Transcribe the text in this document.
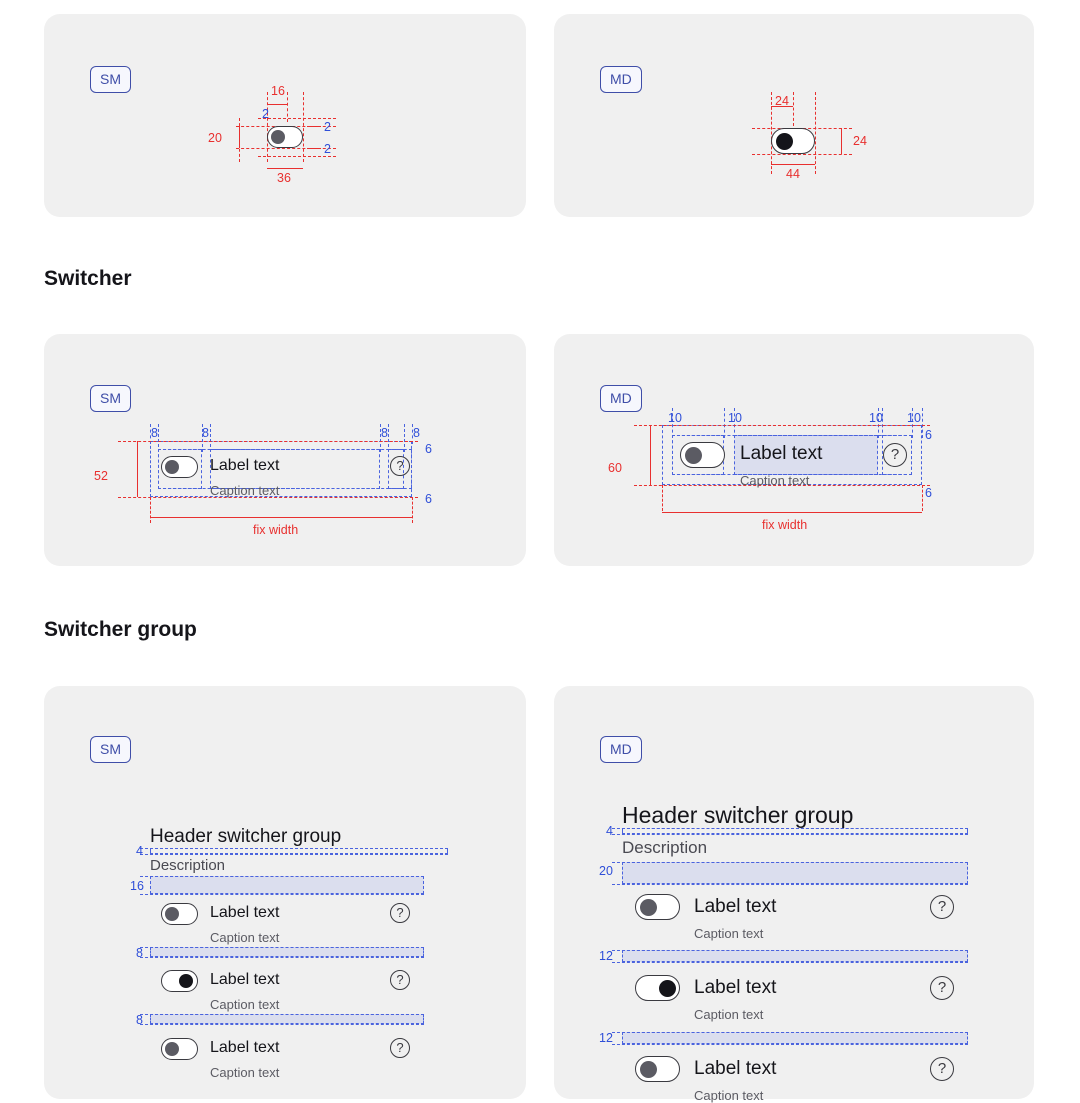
SM
16
2
2
2
20
36
MD
24
24
44
Switcher
SM
8	8	8 8
6
6
52
fix width
Label text
Caption text
?
MD
10	10	10 10
6
6
60
fix width
Label text
Caption text
?
Switcher group
SM
Header switcher group
Description
4
16
8
8
Label text
Caption text
?
Label text
Caption text
?
Label text
Caption text
?
MD
Header switcher group
Description
4
20
12
12
Label text
Caption text
?
Label text
Caption text
?
Label text
Caption text
?
